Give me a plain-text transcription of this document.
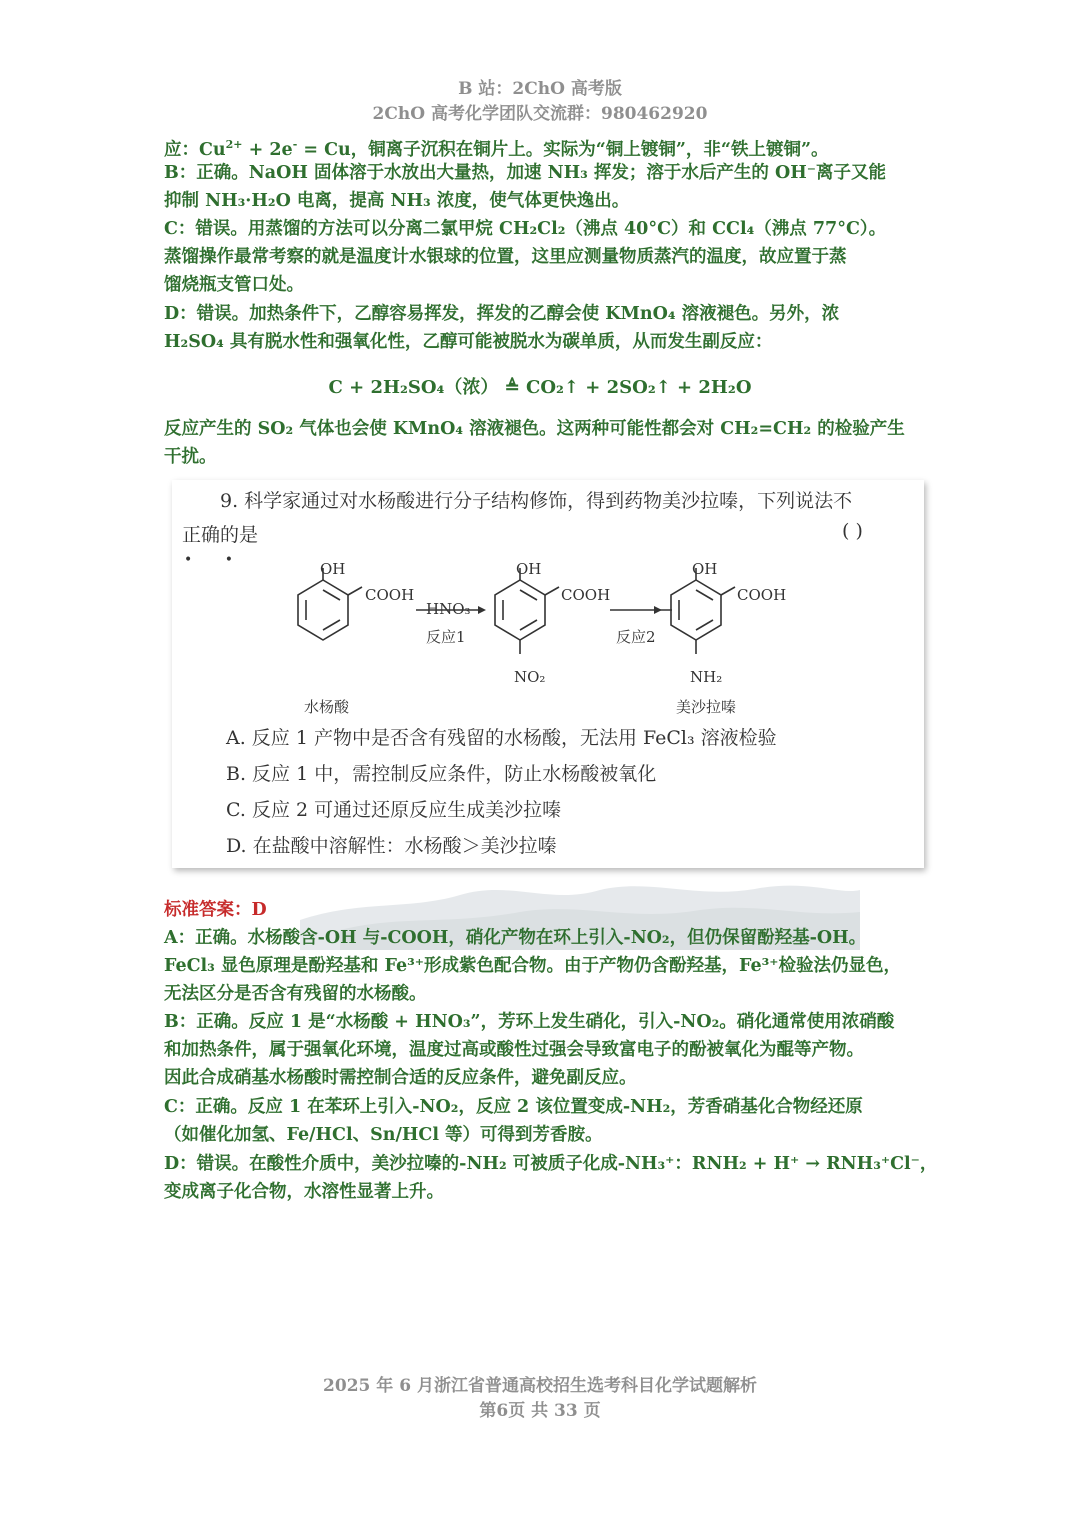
B 站：2ChO 高考版
2ChO 高考化学团队交流群：980462920
应：$Cu^{2+} + 2e^- = Cu$，铜离子沉积在铜片上。实际为“铜上镀铜”，非“铁上镀铜”。
B：正确。NaOH 固体溶于水放出大量热，加速 NH₃ 挥发；溶于水后产生的 OH⁻离子又能
抑制 NH₃·H₂O 电离，提高 NH₃ 浓度，使气体更快逸出。
C：错误。用蒸馏的方法可以分离二氯甲烷 CH₂Cl₂（沸点 40°C）和 CCl₄（沸点 77°C）。
蒸馏操作最常考察的就是温度计水银球的位置，这里应测量物质蒸汽的温度，故应置于蒸
馏烧瓶支管口处。
D：错误。加热条件下，乙醇容易挥发，挥发的乙醇会使 KMnO₄ 溶液褪色。另外，浓
H₂SO₄ 具有脱水性和强氧化性，乙醇可能被脱水为碳单质，从而发生副反应：
C + 2H₂SO₄（浓） ≜ CO₂↑ + 2SO₂↑ + 2H₂O
反应产生的 SO₂ 气体也会使 KMnO₄ 溶液褪色。这两种可能性都会对 CH₂=CH₂ 的检验产生
干扰。
9. 科学家通过对水杨酸进行分子结构修饰，得到药物美沙拉嗪，下列说法不
正确的是
• •
( )
OH
COOH
水杨酸
HNO₃
反应1
OH
COOH
NO₂
反应2
OH
COOH
NH₂
美沙拉嗪
A. 反应 1 产物中是否含有残留的水杨酸，无法用 FeCl₃ 溶液检验
B. 反应 1 中，需控制反应条件，防止水杨酸被氧化
C. 反应 2 可通过还原反应生成美沙拉嗪
D. 在盐酸中溶解性：水杨酸＞美沙拉嗪
标准答案：D
A：正确。水杨酸含-OH 与-COOH，硝化产物在环上引入-NO₂，但仍保留酚羟基-OH。
FeCl₃ 显色原理是酚羟基和 Fe³⁺形成紫色配合物。由于产物仍含酚羟基，Fe³⁺检验法仍显色，
无法区分是否含有残留的水杨酸。
B：正确。反应 1 是“水杨酸 + HNO₃”，芳环上发生硝化，引入-NO₂。硝化通常使用浓硝酸
和加热条件，属于强氧化环境，温度过高或酸性过强会导致富电子的酚被氧化为醌等产物。
因此合成硝基水杨酸时需控制合适的反应条件，避免副反应。
C：正确。反应 1 在苯环上引入-NO₂，反应 2 该位置变成-NH₂，芳香硝基化合物经还原
（如催化加氢、Fe/HCl、Sn/HCl 等）可得到芳香胺。
D：错误。在酸性介质中，美沙拉嗪的-NH₂ 可被质子化成-NH₃⁺：RNH₂ + H⁺ → RNH₃⁺Cl⁻，
变成离子化合物，水溶性显著上升。
2025 年 6 月浙江省普通高校招生选考科目化学试题解析
第6页 共 33 页
